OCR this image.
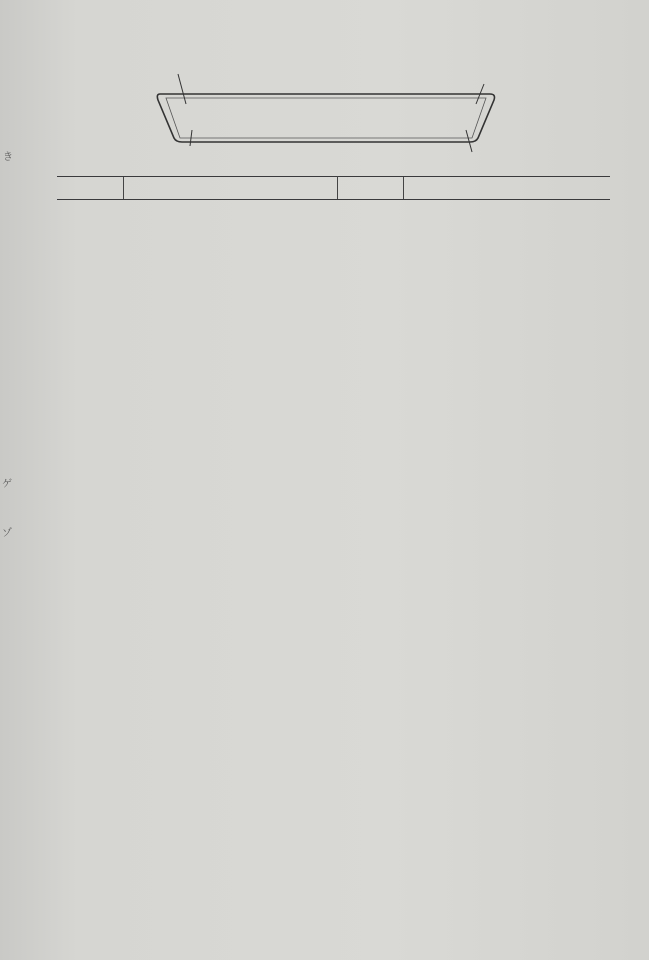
き
ゲ
ゾ
